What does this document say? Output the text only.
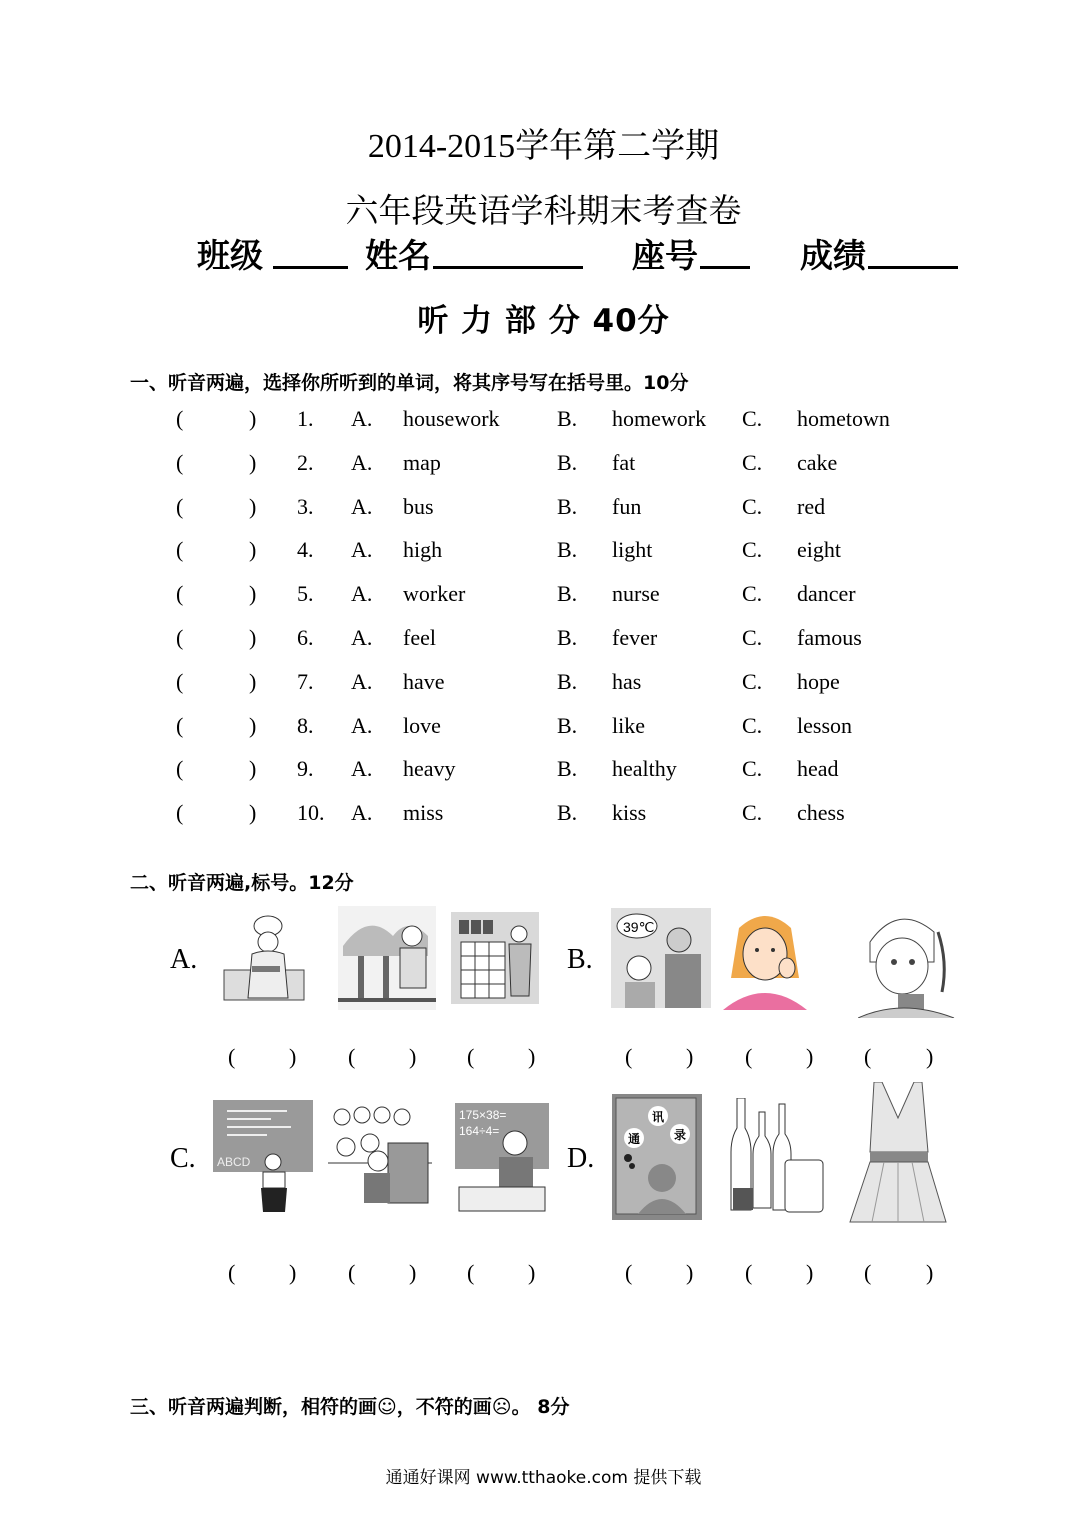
2014-2015学年第二学期
六年段英语学科期末考查卷
班级	姓名	座号	成绩
听 力 部 分 40分
一、听音两遍，选择你所听到的单词，将其序号写在括号里。10分
(	) 1. A. housework	B. homework C. hometown
(	) 2. A. map	B. fat	C. cake
(	) 3. A. bus	B. fun	C. red
(	) 4. A. high	B. light	C. eight
(	) 5. A. worker	B. nurse	C. dancer
(	) 6. A. feel	B. fever	C. famous
(	) 7. A. have	B. has	C. hope
(	) 8. A. love	B. like	C. lesson
(	) 9. A. heavy	B. healthy	C. head
(	) 10. A. miss	B. kiss	C. chess
二、听音两遍,标号。12分
A.	B.
C.	D.
39℃
( ) ( ) ( )	( ) ( ) ( )
ABCD
175×38=
164÷4=
讯
通	录
( ) ( ) ( )	( ) ( ) ( )
三、听音两遍判断，相符的画☺，不符的画☹。 8分
通通好课网 www.tthaoke.com 提供下载
